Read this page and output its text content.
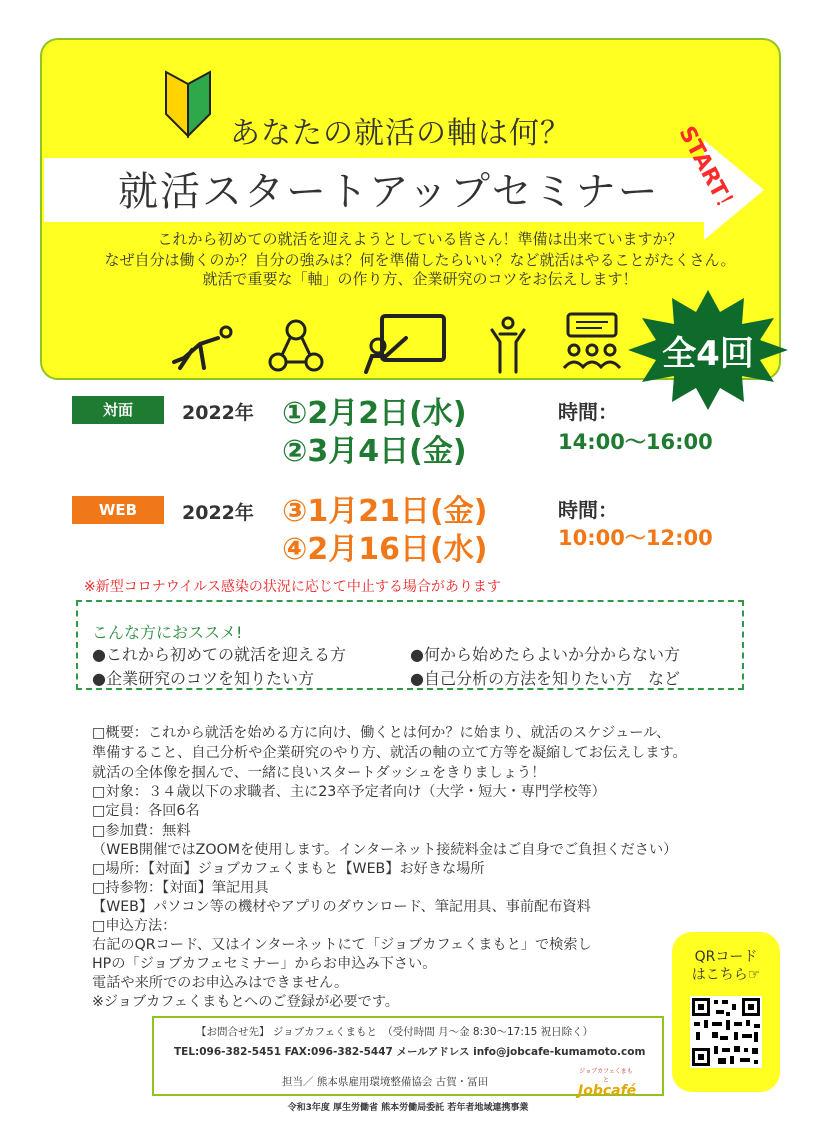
あなたの就活の軸は何？
就活スタートアップセミナー START！
これから初めての就活を迎えようとしている皆さん！準備は出来ていますか？
なぜ自分は働くのか？自分の強みは？何を準備したらいい？など就活はやることがたくさん。
就活で重要な「軸」の作り方、企業研究のコツをお伝えします！
全4回
対面	2022年 ①2月2日(水)
②3月4日(金)
時間：
14:00～16:00
WEB	2022年 ③1月21日(金)
④2月16日(水)
時間：
10:00～12:00
※新型コロナウイルス感染の状況に応じて中止する場合があります
こんな方におススメ!
●これから初めての就活を迎える方	●何から始めたらよいか分からない方
●企業研究のコツを知りたい方	●自己分析の方法を知りたい方　など
□概要：これから就活を始める方に向け、働くとは何か？に始まり、就活のスケジュール、
準備すること、自己分析や企業研究のやり方、就活の軸の立て方等を凝縮してお伝えします。
就活の全体像を掴んで、一緒に良いスタートダッシュをきりましょう！
□対象：３４歳以下の求職者、主に23卒予定者向け（大学・短大・専門学校等）
□定員：各回6名
□参加費：無料
（WEB開催ではZOOMを使用します。インターネット接続料金はご自身でご負担ください）
□場所：【対面】ジョブカフェくまもと【WEB】お好きな場所
□持参物：【対面】筆記用具
【WEB】パソコン等の機材やアプリのダウンロード、筆記用具、事前配布資料
□申込方法：
右記のQRコード、又はインターネットにて「ジョブカフェくまもと」で検索し
HPの「ジョブカフェセミナー」からお申込み下さい。
電話や来所でのお申込みはできません。
※ジョブカフェくまもとへのご登録が必要です。
QRコード
はこちら☞
【お問合せ先】 ジョブカフェくまもと　（受付時間 月～金 8:30～17:15 祝日除く）
TEL:096-382-5451 FAX:096-382-5447 メールアドレス info@jobcafe-kumamoto.com
担当／ 熊本県雇用環境整備協会 古賀・冨田
ジョブカフェくまもと
Jobcafé
令和3年度 厚生労働省 熊本労働局委託 若年者地域連携事業
